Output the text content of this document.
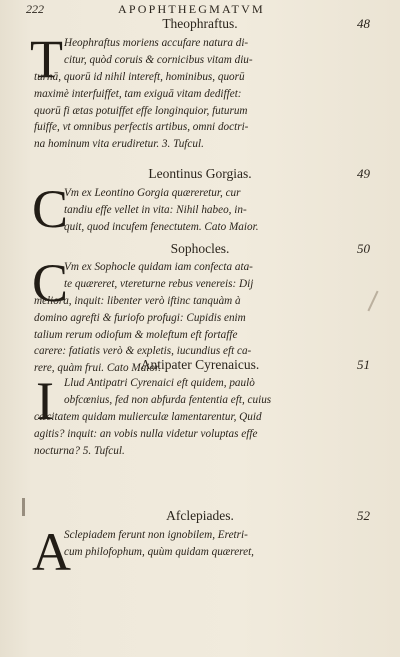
222	APOPHTHEGMATVM
Theophraftus.	48
T Heophraftus moriens accufare natura di-
citur, quòd coruis & cornicibus vitam diu-
turnā, quorū id nihil intereft, hominibus, quorū
maximè interfuiffet, tam exiguā vitam dediffet:
quorū fi ætas potuiffet effe longinquior, futurum
fuiffe, vt omnibus perfectis artibus, omni doctri-
na hominum vita erudiretur. 3. Tufcul.
Leontinus Gorgias.	49
C
Vm ex Leontino Gorgia quæreretur, cur
tandiu effe vellet in vita: Nihil habeo, in-
quit, quod incufem fenectutem. Cato Maior.
Sophocles.	50
C
Vm ex Sophocle quidam iam confecta ata-
te quæreret, vtereturne rebus venereis: Dij
meliora, inquit: libenter verò iftinc tanquàm à
domino agrefti & furiofo profugi: Cupidis enim
talium rerum odiofum & moleftum eft fortaffe
carere: fatiatis verò & expletis, iucundius eft ca-
rere, quàm frui. Cato Maior.
Antipater Cyrenaicus.	51
I Llud Antipatri Cyrenaici eft quidem, paulò
obfcœnius, fed non abfurda fententia eft, cuius
cæcitatem quidam mulierculæ lamentarentur, Quid
agitis? inquit: an vobis nulla videtur voluptas effe
nocturna? 5. Tufcul.
Afclepiades.	52
A
Sclepiadem ferunt non ignobilem, Eretri-
cum philofophum, quùm quidam quæreret,
